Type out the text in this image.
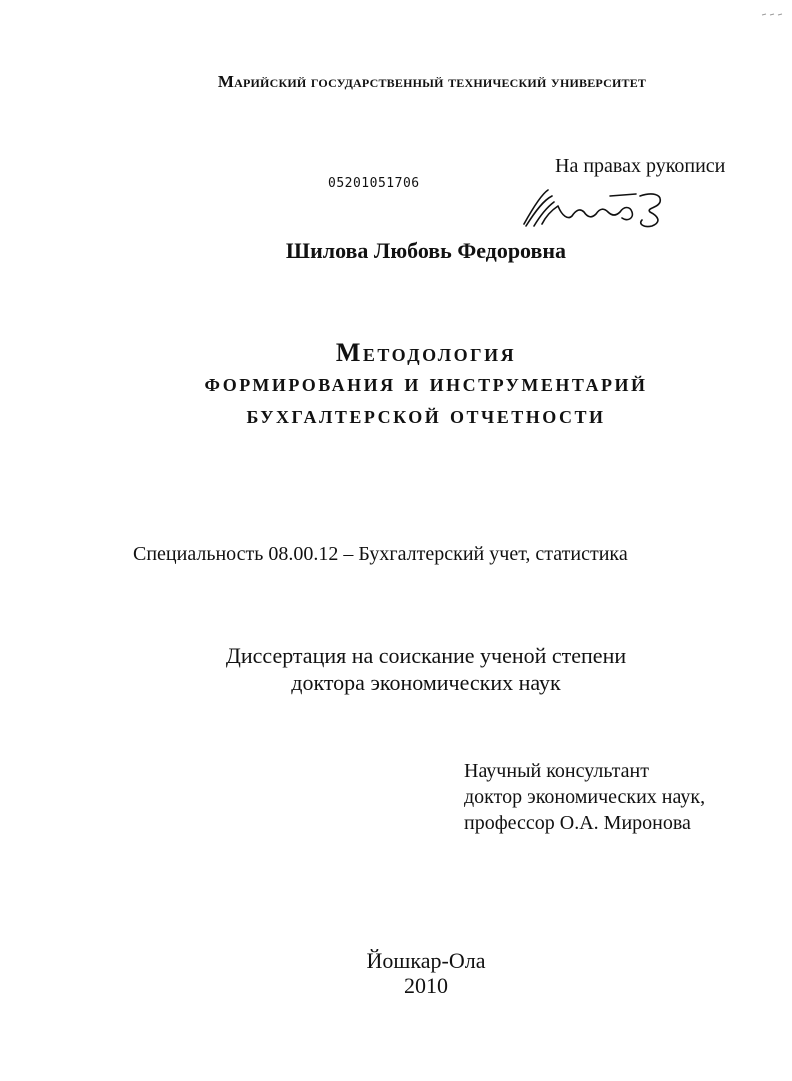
Марийский государственный технический университет
На правах рукописи
05201051706
Шилова Любовь Федоровна
Методология
формирования и инструментарий
бухгалтерской отчетности
Специальность 08.00.12 – Бухгалтерский учет, статистика
Диссертация на соискание ученой степени
доктора экономических наук
Научный консультант
доктор экономических наук,
профессор О.А. Миронова
Йошкар-Ола
2010
